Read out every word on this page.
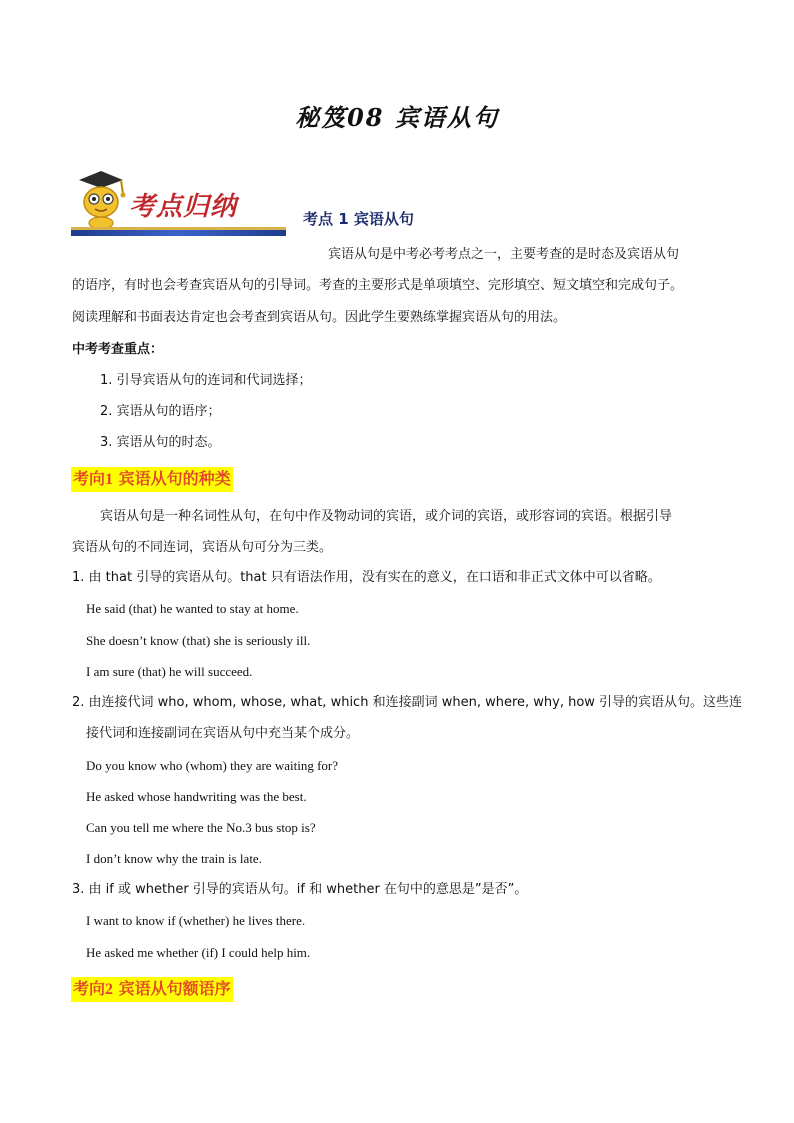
秘笈08 宾语从句
考点归纳	考点 1 宾语从句
宾语从句是中考必考考点之一，主要考查的是时态及宾语从句
的语序，有时也会考查宾语从句的引导词。考查的主要形式是单项填空、完形填空、短文填空和完成句子。
阅读理解和书面表达肯定也会考查到宾语从句。因此学生要熟练掌握宾语从句的用法。
中考考查重点：
1. 引导宾语从句的连词和代词选择；
2. 宾语从句的语序；
3. 宾语从句的时态。
考向1 宾语从句的种类
宾语从句是一种名词性从句，在句中作及物动词的宾语，或介词的宾语，或形容词的宾语。根据引导
宾语从句的不同连词，宾语从句可分为三类。
1. 由 that 引导的宾语从句。that 只有语法作用，没有实在的意义，在口语和非正式文体中可以省略。
He said (that) he wanted to stay at home.
She doesn’t know (that) she is seriously ill.
I am sure (that) he will succeed.
2. 由连接代词 who, whom, whose, what, which 和连接副词 when, where, why, how 引导的宾语从句。这些连
接代词和连接副词在宾语从句中充当某个成分。
Do you know who (whom) they are waiting for?
He asked whose handwriting was the best.
Can you tell me where the No.3 bus stop is?
I don’t know why the train is late.
3. 由 if 或 whether 引导的宾语从句。if 和 whether 在句中的意思是”是否”。
I want to know if (whether) he lives there.
He asked me whether (if) I could help him.
考向2 宾语从句额语序
